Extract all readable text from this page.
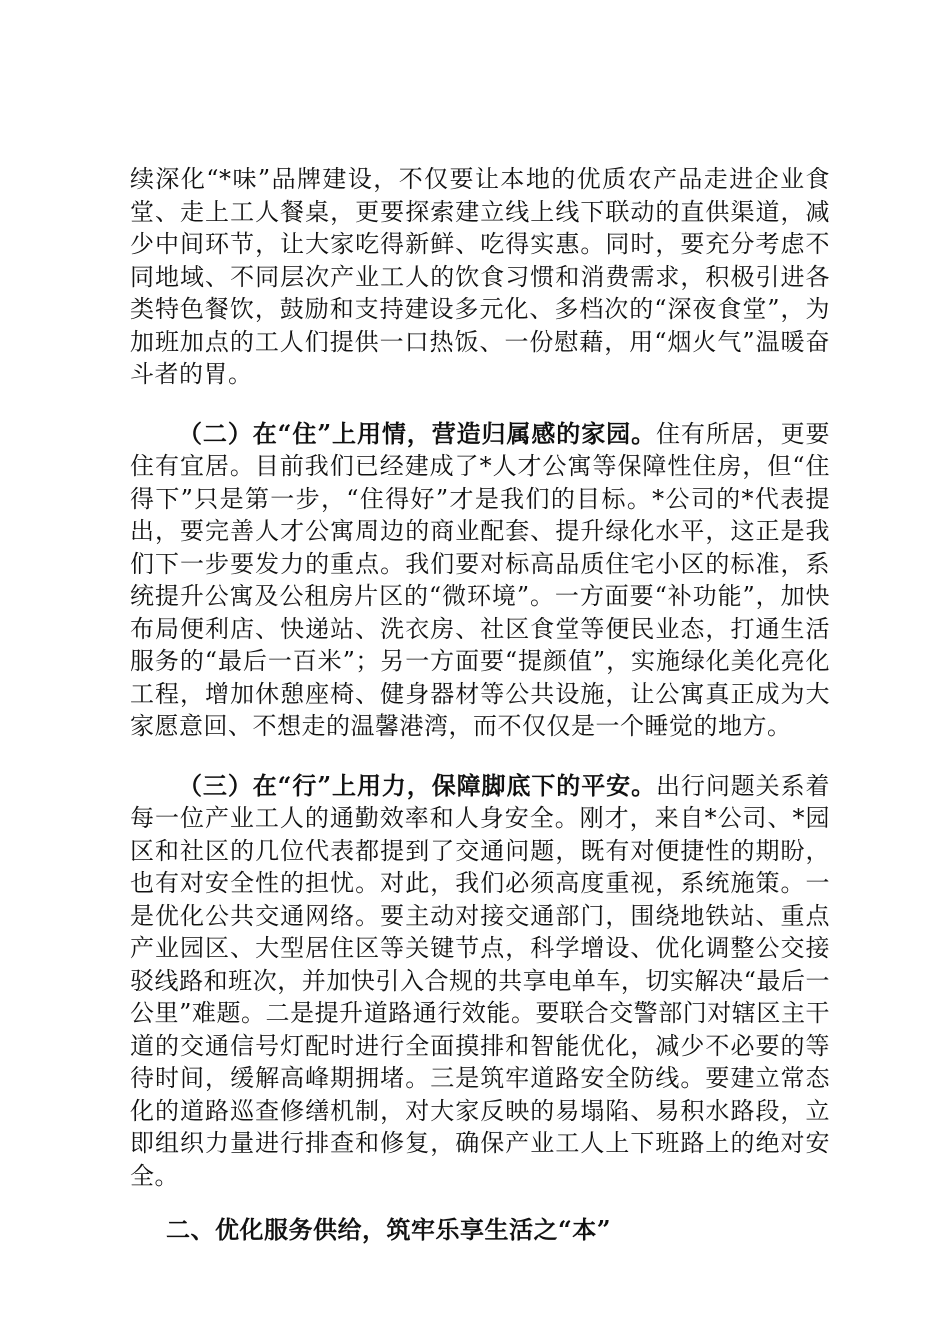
续深化“*味”品牌建设，不仅要让本地的优质农产品走进企业食堂、走上工人餐桌，更要探索建立线上线下联动的直供渠道，减少中间环节，让大家吃得新鲜、吃得实惠。同时，要充分考虑不同地域、不同层次产业工人的饮食习惯和消费需求，积极引进各类特色餐饮，鼓励和支持建设多元化、多档次的“深夜食堂”，为加班加点的工人们提供一口热饭、一份慰藉，用“烟火气”温暖奋斗者的胃。

（二）在“住”上用情，营造归属感的家园。住有所居，更要住有宜居。目前我们已经建成了*人才公寓等保障性住房，但“住得下”只是第一步，“住得好”才是我们的目标。*公司的*代表提出，要完善人才公寓周边的商业配套、提升绿化水平，这正是我们下一步要发力的重点。我们要对标高品质住宅小区的标准，系统提升公寓及公租房片区的“微环境”。一方面要“补功能”，加快布局便利店、快递站、洗衣房、社区食堂等便民业态，打通生活服务的“最后一百米”；另一方面要“提颜值”，实施绿化美化亮化工程，增加休憩座椅、健身器材等公共设施，让公寓真正成为大家愿意回、不想走的温馨港湾，而不仅仅是一个睡觉的地方。

（三）在“行”上用力，保障脚底下的平安。出行问题关系着每一位产业工人的通勤效率和人身安全。刚才，来自*公司、*园区和社区的几位代表都提到了交通问题，既有对便捷性的期盼，也有对安全性的担忧。对此，我们必须高度重视，系统施策。一是优化公共交通网络。要主动对接交通部门，围绕地铁站、重点产业园区、大型居住区等关键节点，科学增设、优化调整公交接驳线路和班次，并加快引入合规的共享电单车，切实解决“最后一公里”难题。二是提升道路通行效能。要联合交警部门对辖区主干道的交通信号灯配时进行全面摸排和智能优化，减少不必要的等待时间，缓解高峰期拥堵。三是筑牢道路安全防线。要建立常态化的道路巡查修缮机制，对大家反映的易塌陷、易积水路段，立即组织力量进行排查和修复，确保产业工人上下班路上的绝对安全。

二、优化服务供给，筑牢乐享生活之“本”
